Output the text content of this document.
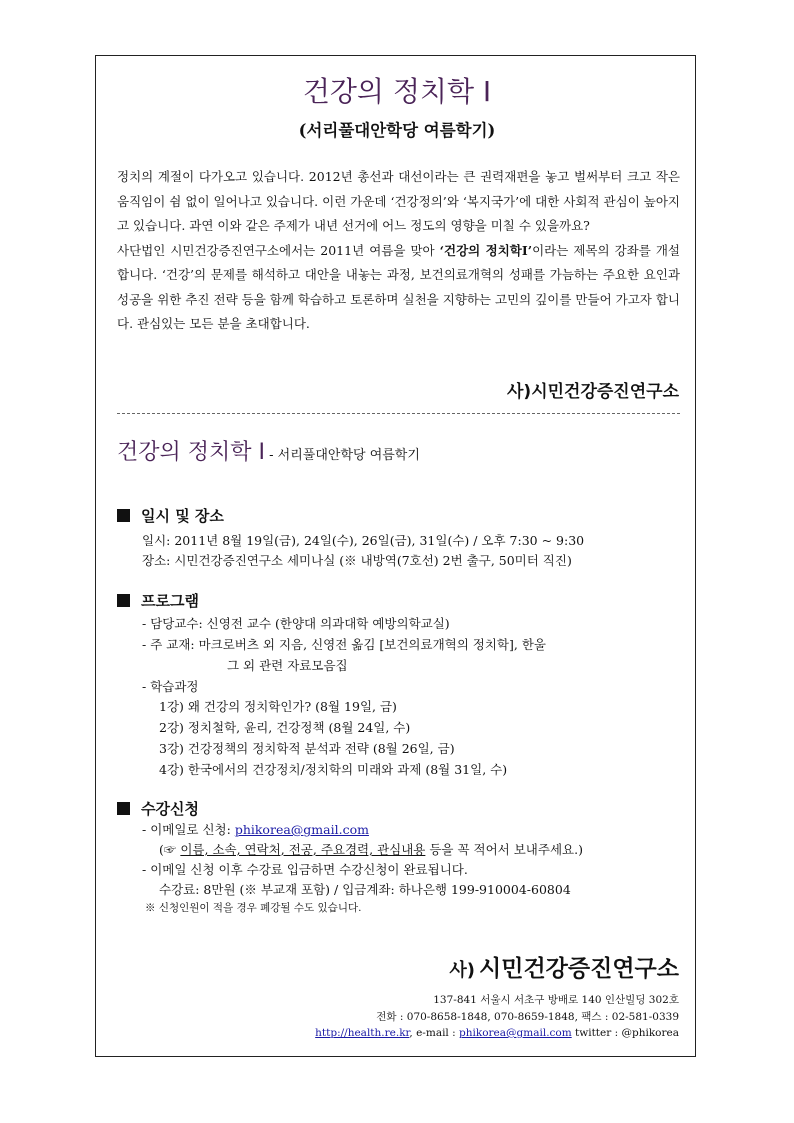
건강의 정치학 I
(서리풀대안학당 여름학기)

정치의 계절이 다가오고 있습니다. 2012년 총선과 대선이라는 큰 권력재편을 놓고 벌써부터 크고 작은 움직임이 쉼 없이 일어나고 있습니다. 이런 가운데 ‘건강정의’와 ‘복지국가’에 대한 사회적 관심이 높아지고 있습니다. 과연 이와 같은 주제가 내년 선거에 어느 정도의 영향을 미칠 수 있을까요?

사단법인 시민건강증진연구소에서는 2011년 여름을 맞아 ‘건강의 정치학I’이라는 제목의 강좌를 개설합니다. ‘건강’의 문제를 해석하고 대안을 내놓는 과정, 보건의료개혁의 성패를 가늠하는 주요한 요인과 성공을 위한 추진 전략 등을 함께 학습하고 토론하며 실천을 지향하는 고민의 깊이를 만들어 가고자 합니다. 관심있는 모든 분을 초대합니다.

사)시민건강증진연구소
건강의 정치학 I - 서리풀대안학당 여름학기
일시 및 장소
일시: 2011년 8월 19일(금), 24일(수), 26일(금), 31일(수) / 오후 7:30 ~ 9:30
장소: 시민건강증진연구소 세미나실 (※ 내방역(7호선) 2번 출구, 50미터 직진)
프로그램
- 담당교수: 신영전 교수 (한양대 의과대학 예방의학교실)
- 주 교재: 마크로버츠 외 지음, 신영전 옮김 [보건의료개혁의 정치학], 한울
그 외 관련 자료모음집
- 학습과정
1강) 왜 건강의 정치학인가? (8월 19일, 금)
2강) 정치철학, 윤리, 건강정책 (8월 24일, 수)
3강) 건강정책의 정치학적 분석과 전략 (8월 26일, 금)
4강) 한국에서의 건강정치/정치학의 미래와 과제 (8월 31일, 수)
수강신청
- 이메일로 신청: phikorea@gmail.com
(☞ 이름, 소속, 연락처, 전공, 주요경력, 관심내용 등을 꼭 적어서 보내주세요.)
- 이메일 신청 이후 수강료 입금하면 수강신청이 완료됩니다.
수강료: 8만원 (※ 부교재 포함) / 입금계좌: 하나은행 199-910004-60804
※ 신청인원이 적을 경우 폐강될 수도 있습니다.
사) 시민건강증진연구소
137-841 서울시 서초구 방배로 140 인산빌딩 302호
전화 : 070-8658-1848, 070-8659-1848, 팩스 : 02-581-0339
http://health.re.kr, e-mail : phikorea@gmail.com twitter : @phikorea
